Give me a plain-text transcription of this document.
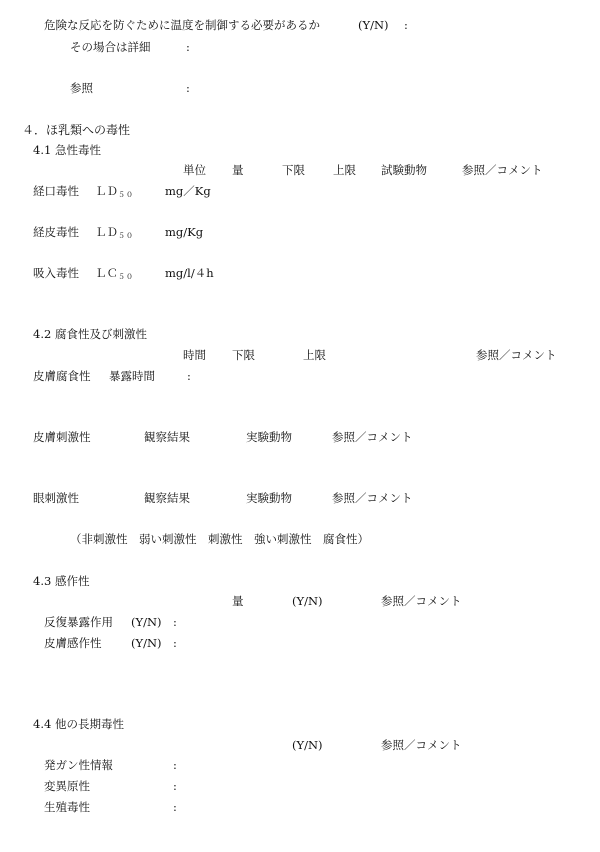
危険な反応を防ぐために温度を制御する必要があるか	(Y/N) :
その場合は詳細	:
参照	:
４．ほ乳類への毒性
4.1 急性毒性
単位 量	下限 上限 試験動物	参照／コメント
経口毒性 ＬＤ$_{50}$	mg／Kg
経皮毒性 ＬＤ$_{50}$	mg/Kg
吸入毒性 ＬＣ$_{50}$	mg/l/４h
4.2 腐食性及び刺激性
時間 下限	上限	参照／コメント
皮膚腐食性 暴露時間	:
皮膚刺激性	観察結果	実験動物	参照／コメント
眼刺激性	観察結果	実験動物	参照／コメント
（非刺激性　弱い刺激性　刺激性　強い刺激性　腐食性）
4.3 感作性
量	(Y/N)	参照／コメント
反復暴露作用 (Y/N) :
皮膚感作性	(Y/N) :
4.4 他の長期毒性
(Y/N)	参照／コメント
発ガン性情報	:
変異原性	:
生殖毒性	:
